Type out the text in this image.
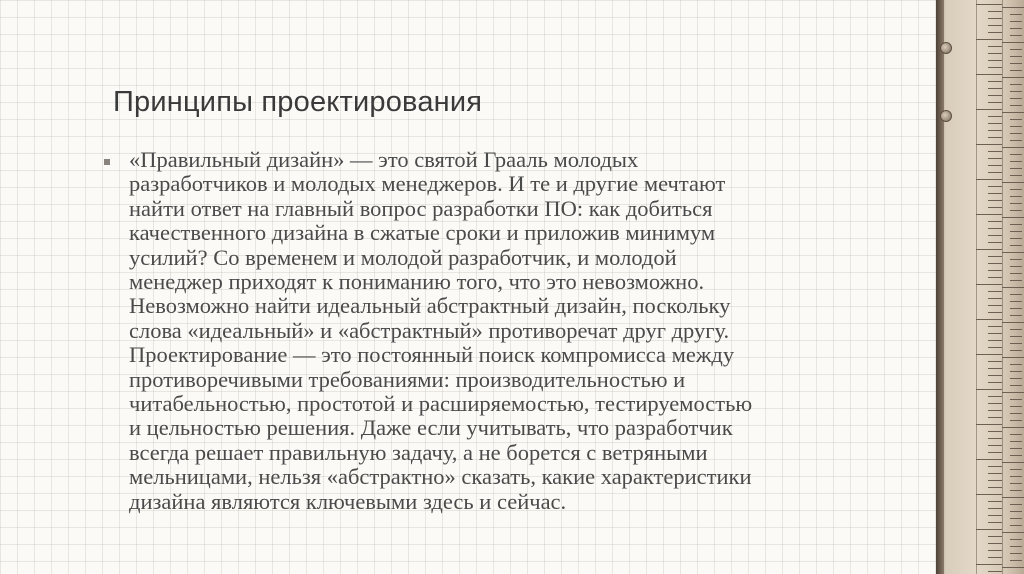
Принципы проектирования
«Правильный дизайн» — это святой Грааль молодых
разработчиков и молодых менеджеров. И те и другие мечтают
найти ответ на главный вопрос разработки ПО: как добиться
качественного дизайна в сжатые сроки и приложив минимум
усилий? Со временем и молодой разработчик, и молодой
менеджер приходят к пониманию того, что это невозможно.
Невозможно найти идеальный абстрактный дизайн, поскольку
слова «идеальный» и «абстрактный» противоречат друг другу.
Проектирование — это постоянный поиск компромисса между
противоречивыми требованиями: производительностью и
читабельностью, простотой и расширяемостью, тестируемостью
и цельностью решения. Даже если учитывать, что разработчик
всегда решает правильную задачу, а не борется с ветряными
мельницами, нельзя «абстрактно» сказать, какие характеристики
дизайна являются ключевыми здесь и сейчас.
